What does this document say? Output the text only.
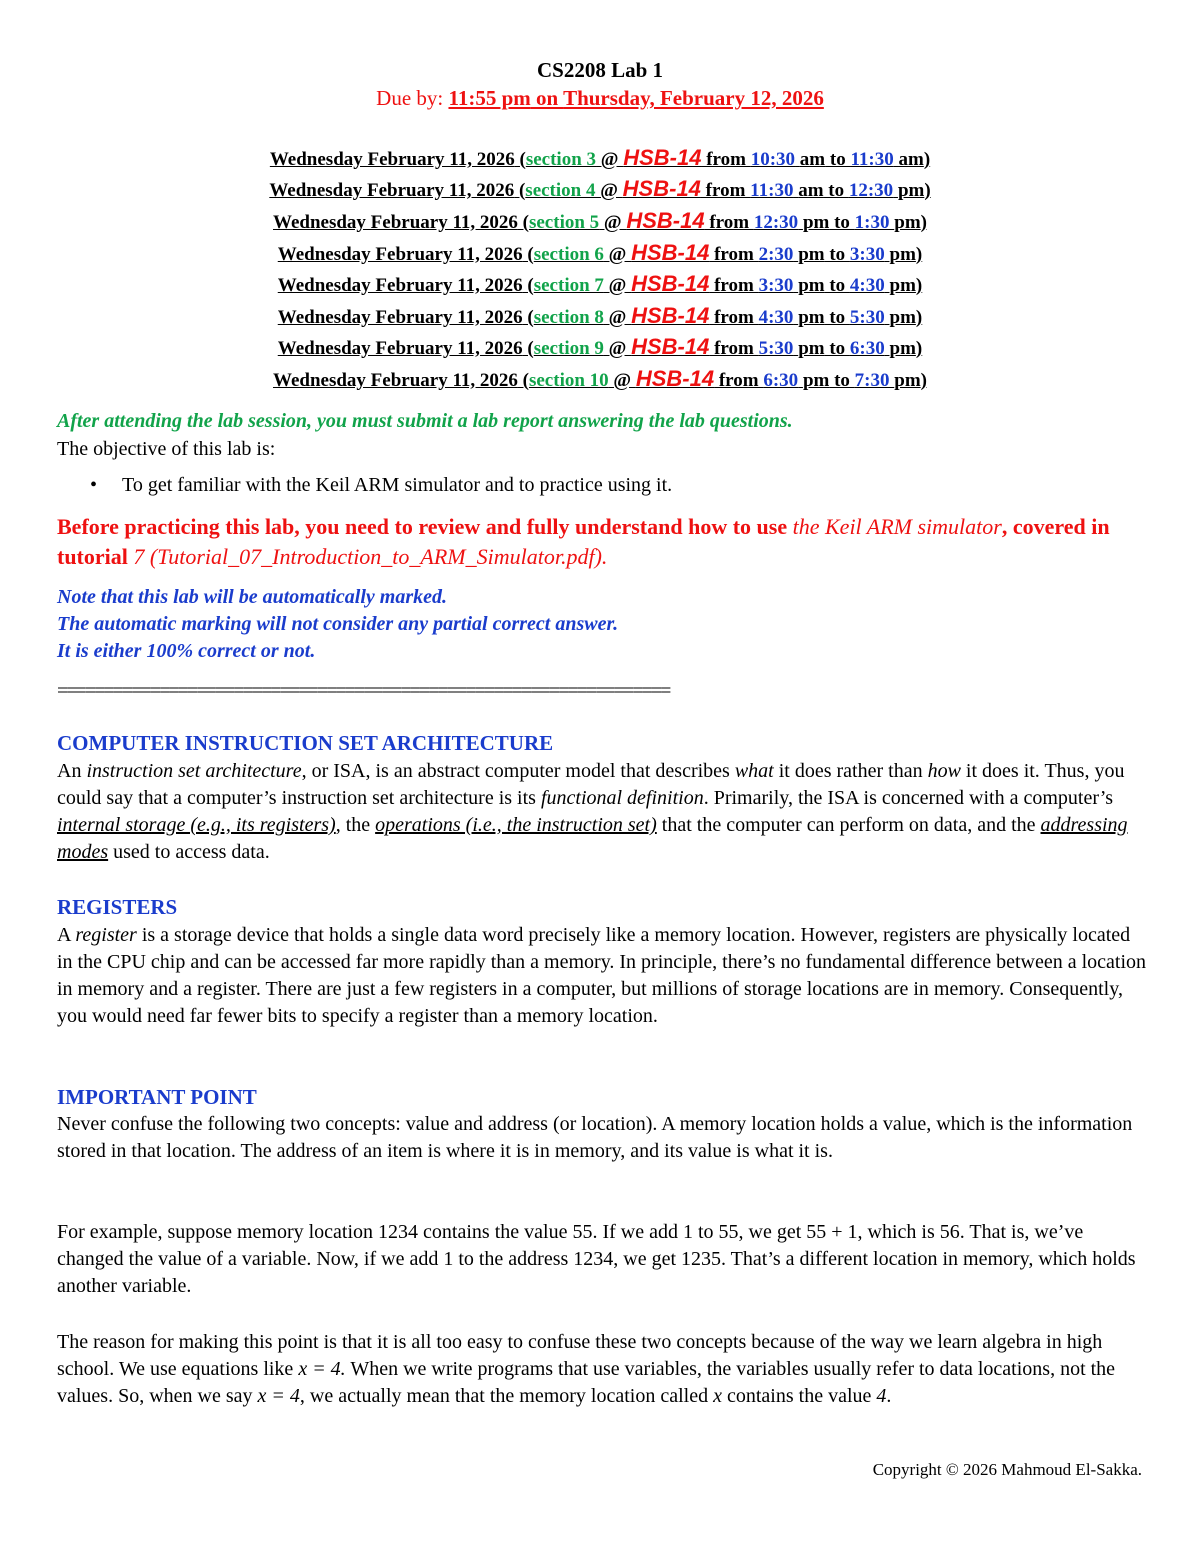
CS2208 Lab 1
Due by: 11:55 pm on Thursday, February 12, 2026
Wednesday February 11, 2026 (section 3 @ HSB-14 from 10:30 am to 11:30 am)
Wednesday February 11, 2026 (section 4 @ HSB-14 from 11:30 am to 12:30 pm)
Wednesday February 11, 2026 (section 5 @ HSB-14 from 12:30 pm to 1:30 pm)
Wednesday February 11, 2026 (section 6 @ HSB-14 from 2:30 pm to 3:30 pm)
Wednesday February 11, 2026 (section 7 @ HSB-14 from 3:30 pm to 4:30 pm)
Wednesday February 11, 2026 (section 8 @ HSB-14 from 4:30 pm to 5:30 pm)
Wednesday February 11, 2026 (section 9 @ HSB-14 from 5:30 pm to 6:30 pm)
Wednesday February 11, 2026 (section 10 @ HSB-14 from 6:30 pm to 7:30 pm)
After attending the lab session, you must submit a lab report answering the lab questions.
The objective of this lab is:
• To get familiar with the Keil ARM simulator and to practice using it.
Before practicing this lab, you need to review and fully understand how to use the Keil ARM simulator, covered in tutorial 7 (Tutorial_07_Introduction_to_ARM_Simulator.pdf).
Note that this lab will be automatically marked.
The automatic marking will not consider any partial correct answer.
It is either 100% correct or not.
==================================================================
COMPUTER INSTRUCTION SET ARCHITECTURE
An instruction set architecture, or ISA, is an abstract computer model that describes what it does rather than how it does it. Thus, you could say that a computer’s instruction set architecture is its functional definition. Primarily, the ISA is concerned with a computer’s internal storage (e.g., its registers), the operations (i.e., the instruction set) that the computer can perform on data, and the addressing modes used to access data.
REGISTERS
A register is a storage device that holds a single data word precisely like a memory location. However, registers are physically located in the CPU chip and can be accessed far more rapidly than a memory. In principle, there’s no fundamental difference between a location in memory and a register. There are just a few registers in a computer, but millions of storage locations are in memory. Consequently, you would need far fewer bits to specify a register than a memory location.
IMPORTANT POINT
Never confuse the following two concepts: value and address (or location). A memory location holds a value, which is the information stored in that location. The address of an item is where it is in memory, and its value is what it is.
For example, suppose memory location 1234 contains the value 55. If we add 1 to 55, we get 55 + 1, which is 56. That is, we’ve changed the value of a variable. Now, if we add 1 to the address 1234, we get 1235. That’s a different location in memory, which holds another variable.
The reason for making this point is that it is all too easy to confuse these two concepts because of the way we learn algebra in high school. We use equations like x = 4. When we write programs that use variables, the variables usually refer to data locations, not the values. So, when we say x = 4, we actually mean that the memory location called x contains the value 4.
Copyright © 2026 Mahmoud El-Sakka.
